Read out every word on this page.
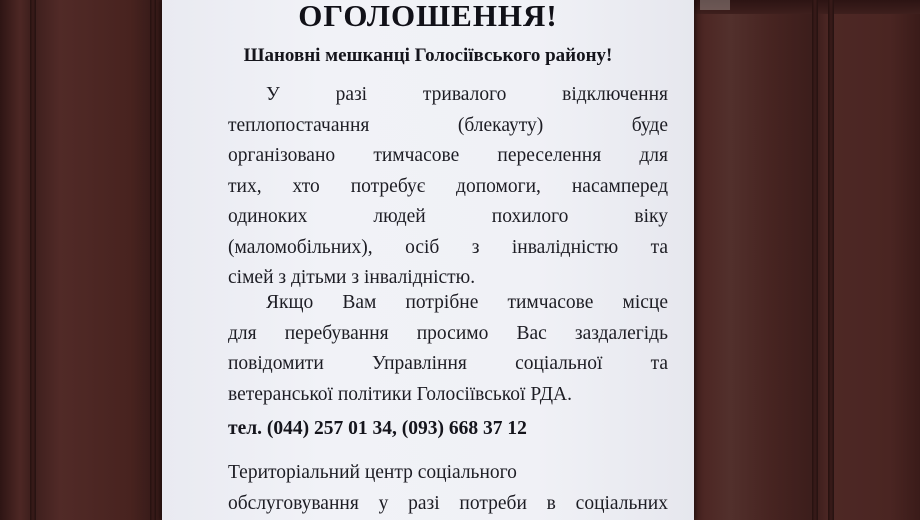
ОГОЛОШЕННЯ!
Шановні мешканці Голосіївського району!
У разі тривалого відключення
теплопостачання (блекауту) буде
організовано тимчасове переселення для
тих, хто потребує допомоги, насамперед
одиноких людей похилого віку
(маломобільних), осіб з інвалідністю та
сімей з дітьми з інвалідністю.
Якщо Вам потрібне тимчасове місце
для перебування просимо Вас заздалегідь
повідомити Управління соціальної та
ветеранської політики Голосіївської РДА.
тел. (044) 257 01 34, (093) 668 37 12
Територіальний центр соціального
обслуговування у разі потреби в соціальних
